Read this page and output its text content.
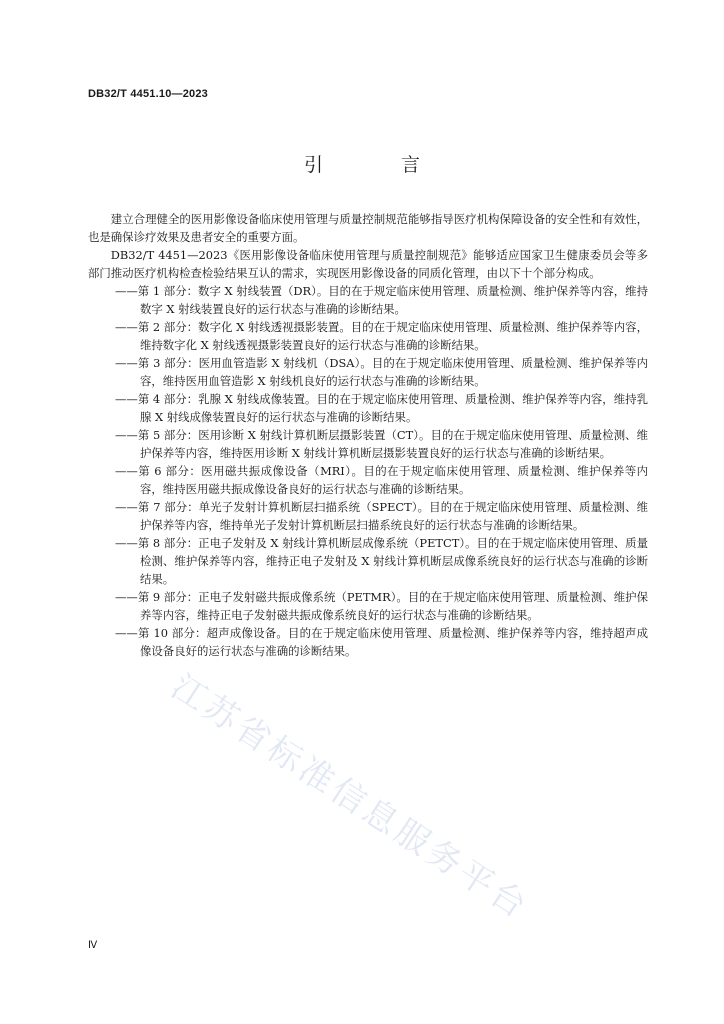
DB32/T 4451.10—2023
引 言

建立合理健全的医用影像设备临床使用管理与质量控制规范能够指导医疗机构保障设备的安全性和有效性，也是确保诊疗效果及患者安全的重要方面。

DB32/T 4451—2023《医用影像设备临床使用管理与质量控制规范》能够适应国家卫生健康委员会等多部门推动医疗机构检查检验结果互认的需求，实现医用影像设备的同质化管理，由以下十个部分构成。

——第 1 部分：数字 X 射线装置（DR）。目的在于规定临床使用管理、质量检测、维护保养等内容，维持数字 X 射线装置良好的运行状态与准确的诊断结果。

——第 2 部分：数字化 X 射线透视摄影装置。目的在于规定临床使用管理、质量检测、维护保养等内容，维持数字化 X 射线透视摄影装置良好的运行状态与准确的诊断结果。

——第 3 部分：医用血管造影 X 射线机（DSA）。目的在于规定临床使用管理、质量检测、维护保养等内容，维持医用血管造影 X 射线机良好的运行状态与准确的诊断结果。

——第 4 部分：乳腺 X 射线成像装置。目的在于规定临床使用管理、质量检测、维护保养等内容，维持乳腺 X 射线成像装置良好的运行状态与准确的诊断结果。

——第 5 部分：医用诊断 X 射线计算机断层摄影装置（CT）。目的在于规定临床使用管理、质量检测、维护保养等内容，维持医用诊断 X 射线计算机断层摄影装置良好的运行状态与准确的诊断结果。

——第 6 部分：医用磁共振成像设备（MRI）。目的在于规定临床使用管理、质量检测、维护保养等内容，维持医用磁共振成像设备良好的运行状态与准确的诊断结果。

——第 7 部分：单光子发射计算机断层扫描系统（SPECT）。目的在于规定临床使用管理、质量检测、维护保养等内容，维持单光子发射计算机断层扫描系统良好的运行状态与准确的诊断结果。

——第 8 部分：正电子发射及 X 射线计算机断层成像系统（PETCT）。目的在于规定临床使用管理、质量检测、维护保养等内容，维持正电子发射及 X 射线计算机断层成像系统良好的运行状态与准确的诊断结果。

——第 9 部分：正电子发射磁共振成像系统（PETMR）。目的在于规定临床使用管理、质量检测、维护保养等内容，维持正电子发射磁共振成像系统良好的运行状态与准确的诊断结果。

——第 10 部分：超声成像设备。目的在于规定临床使用管理、质量检测、维护保养等内容，维持超声成像设备良好的运行状态与准确的诊断结果。

江苏省标准信息服务平台
Ⅳ
